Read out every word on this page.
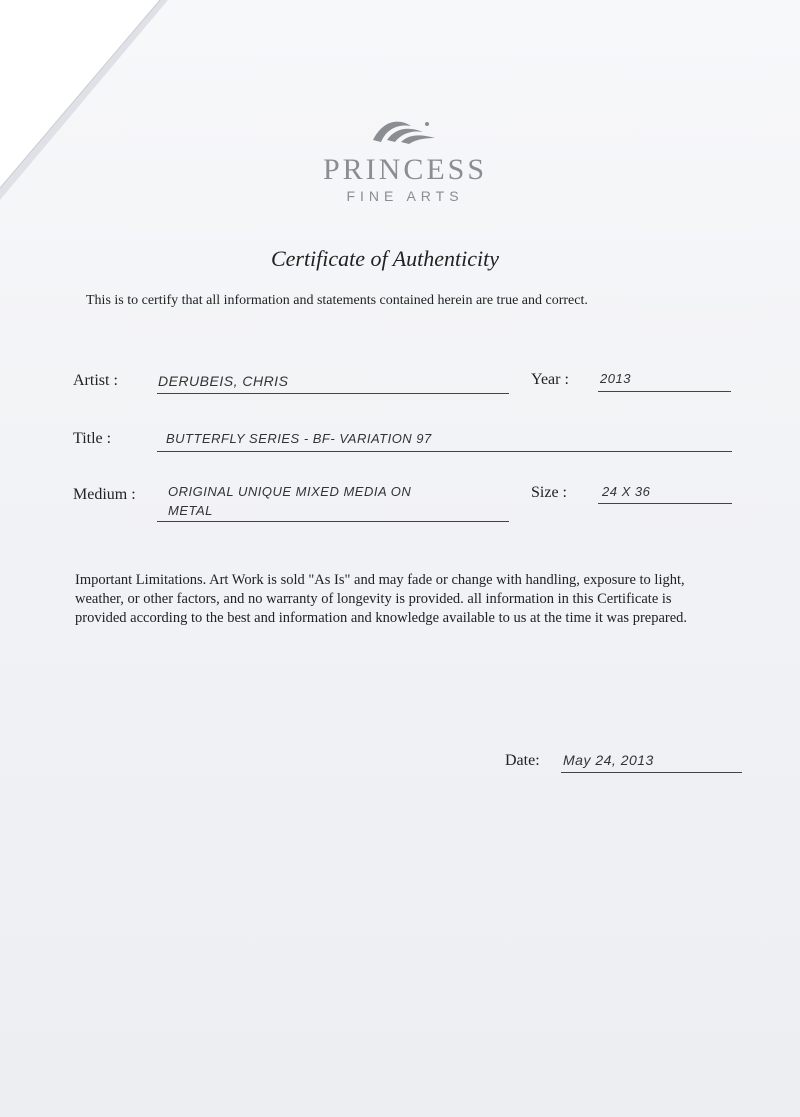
PRINCESS
FINE ARTS
Certificate of Authenticity
This is to certify that all information and statements contained herein are true and correct.
Artist :	DERUBEIS, CHRIS	Year : 2013
Title :	BUTTERFLY SERIES - BF- VARIATION 97
Medium : ORIGINAL UNIQUE MIXED MEDIA ON
METAL
Size :	24 X 36
Important Limitations. Art Work is sold "As Is" and may fade or change with handling, exposure to light, weather, or other factors, and no warranty of longevity is provided. all information in this Certificate is provided according to the best and information and knowledge available to us at the time it was prepared.
Date: May 24, 2013
